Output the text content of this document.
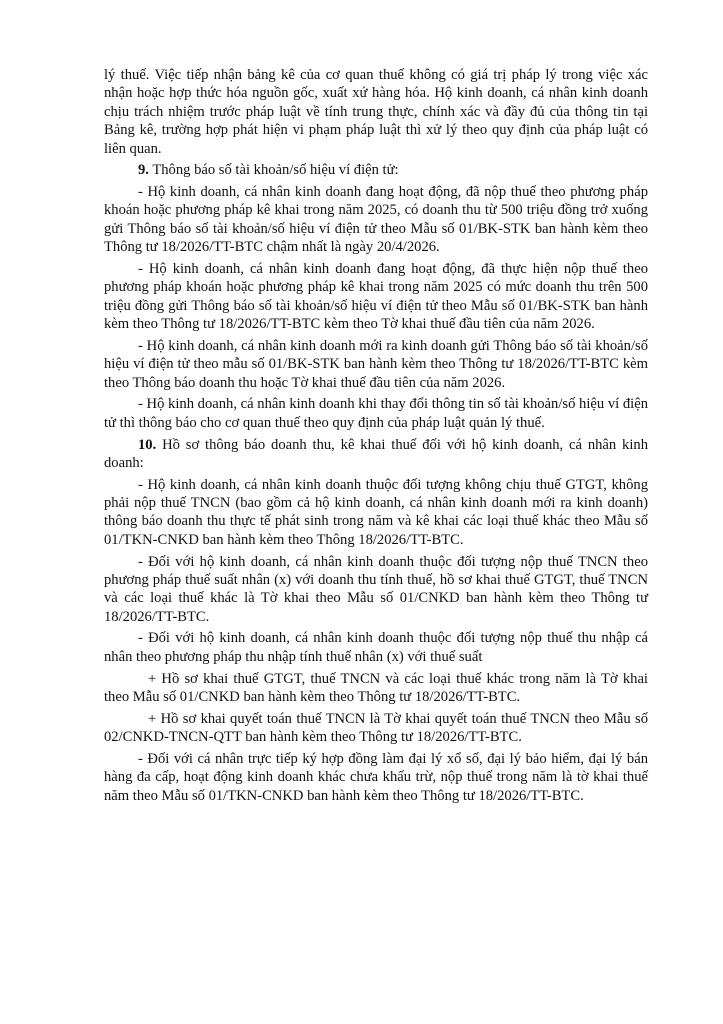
lý thuế. Việc tiếp nhận bảng kê của cơ quan thuế không có giá trị pháp lý trong việc xác nhận hoặc hợp thức hóa nguồn gốc, xuất xứ hàng hóa. Hộ kinh doanh, cá nhân kinh doanh chịu trách nhiệm trước pháp luật về tính trung thực, chính xác và đầy đủ của thông tin tại Bảng kê, trường hợp phát hiện vi phạm pháp luật thì xử lý theo quy định của pháp luật có liên quan.

9. Thông báo số tài khoản/số hiệu ví điện tử:

- Hộ kinh doanh, cá nhân kinh doanh đang hoạt động, đã nộp thuế theo phương pháp khoán hoặc phương pháp kê khai trong năm 2025, có doanh thu từ 500 triệu đồng trở xuống gửi Thông báo số tài khoản/số hiệu ví điện tử theo Mẫu số 01/BK-STK ban hành kèm theo Thông tư 18/2026/TT-BTC chậm nhất là ngày 20/4/2026.

- Hộ kinh doanh, cá nhân kinh doanh đang hoạt động, đã thực hiện nộp thuế theo phương pháp khoán hoặc phương pháp kê khai trong năm 2025 có mức doanh thu trên 500 triệu đồng gửi Thông báo số tài khoản/số hiệu ví điện tử theo Mẫu số 01/BK-STK ban hành kèm theo Thông tư 18/2026/TT-BTC kèm theo Tờ khai thuế đầu tiên của năm 2026.

- Hộ kinh doanh, cá nhân kinh doanh mới ra kinh doanh gửi Thông báo số tài khoản/số hiệu ví điện tử theo mẫu số 01/BK-STK ban hành kèm theo Thông tư 18/2026/TT-BTC kèm theo Thông báo doanh thu hoặc Tờ khai thuế đầu tiên của năm 2026.

- Hộ kinh doanh, cá nhân kinh doanh khi thay đổi thông tin số tài khoản/số hiệu ví điện tử thì thông báo cho cơ quan thuế theo quy định của pháp luật quản lý thuế.

10. Hồ sơ thông báo doanh thu, kê khai thuế đối với hộ kinh doanh, cá nhân kinh doanh:

- Hộ kinh doanh, cá nhân kinh doanh thuộc đối tượng không chịu thuế GTGT, không phải nộp thuế TNCN (bao gồm cả hộ kinh doanh, cá nhân kinh doanh mới ra kinh doanh) thông báo doanh thu thực tế phát sinh trong năm và kê khai các loại thuế khác theo Mẫu số 01/TKN-CNKD ban hành kèm theo Thông 18/2026/TT-BTC.

- Đối với hộ kinh doanh, cá nhân kinh doanh thuộc đối tượng nộp thuế TNCN theo phương pháp thuế suất nhân (x) với doanh thu tính thuế, hồ sơ khai thuế GTGT, thuế TNCN và các loại thuế khác là Tờ khai theo Mẫu số 01/CNKD ban hành kèm theo Thông tư 18/2026/TT-BTC.

- Đối với hộ kinh doanh, cá nhân kinh doanh thuộc đối tượng nộp thuế thu nhập cá nhân theo phương pháp thu nhập tính thuế nhân (x) với thuế suất

+ Hồ sơ khai thuế GTGT, thuế TNCN và các loại thuế khác trong năm là Tờ khai theo Mẫu số 01/CNKD ban hành kèm theo Thông tư 18/2026/TT-BTC.

+ Hồ sơ khai quyết toán thuế TNCN là Tờ khai quyết toán thuế TNCN theo Mẫu số 02/CNKD-TNCN-QTT ban hành kèm theo Thông tư 18/2026/TT-BTC.

- Đối với cá nhân trực tiếp ký hợp đồng làm đại lý xổ số, đại lý bảo hiểm, đại lý bán hàng đa cấp, hoạt động kinh doanh khác chưa khấu trừ, nộp thuế trong năm là tờ khai thuế năm theo Mẫu số 01/TKN-CNKD ban hành kèm theo Thông tư 18/2026/TT-BTC.
